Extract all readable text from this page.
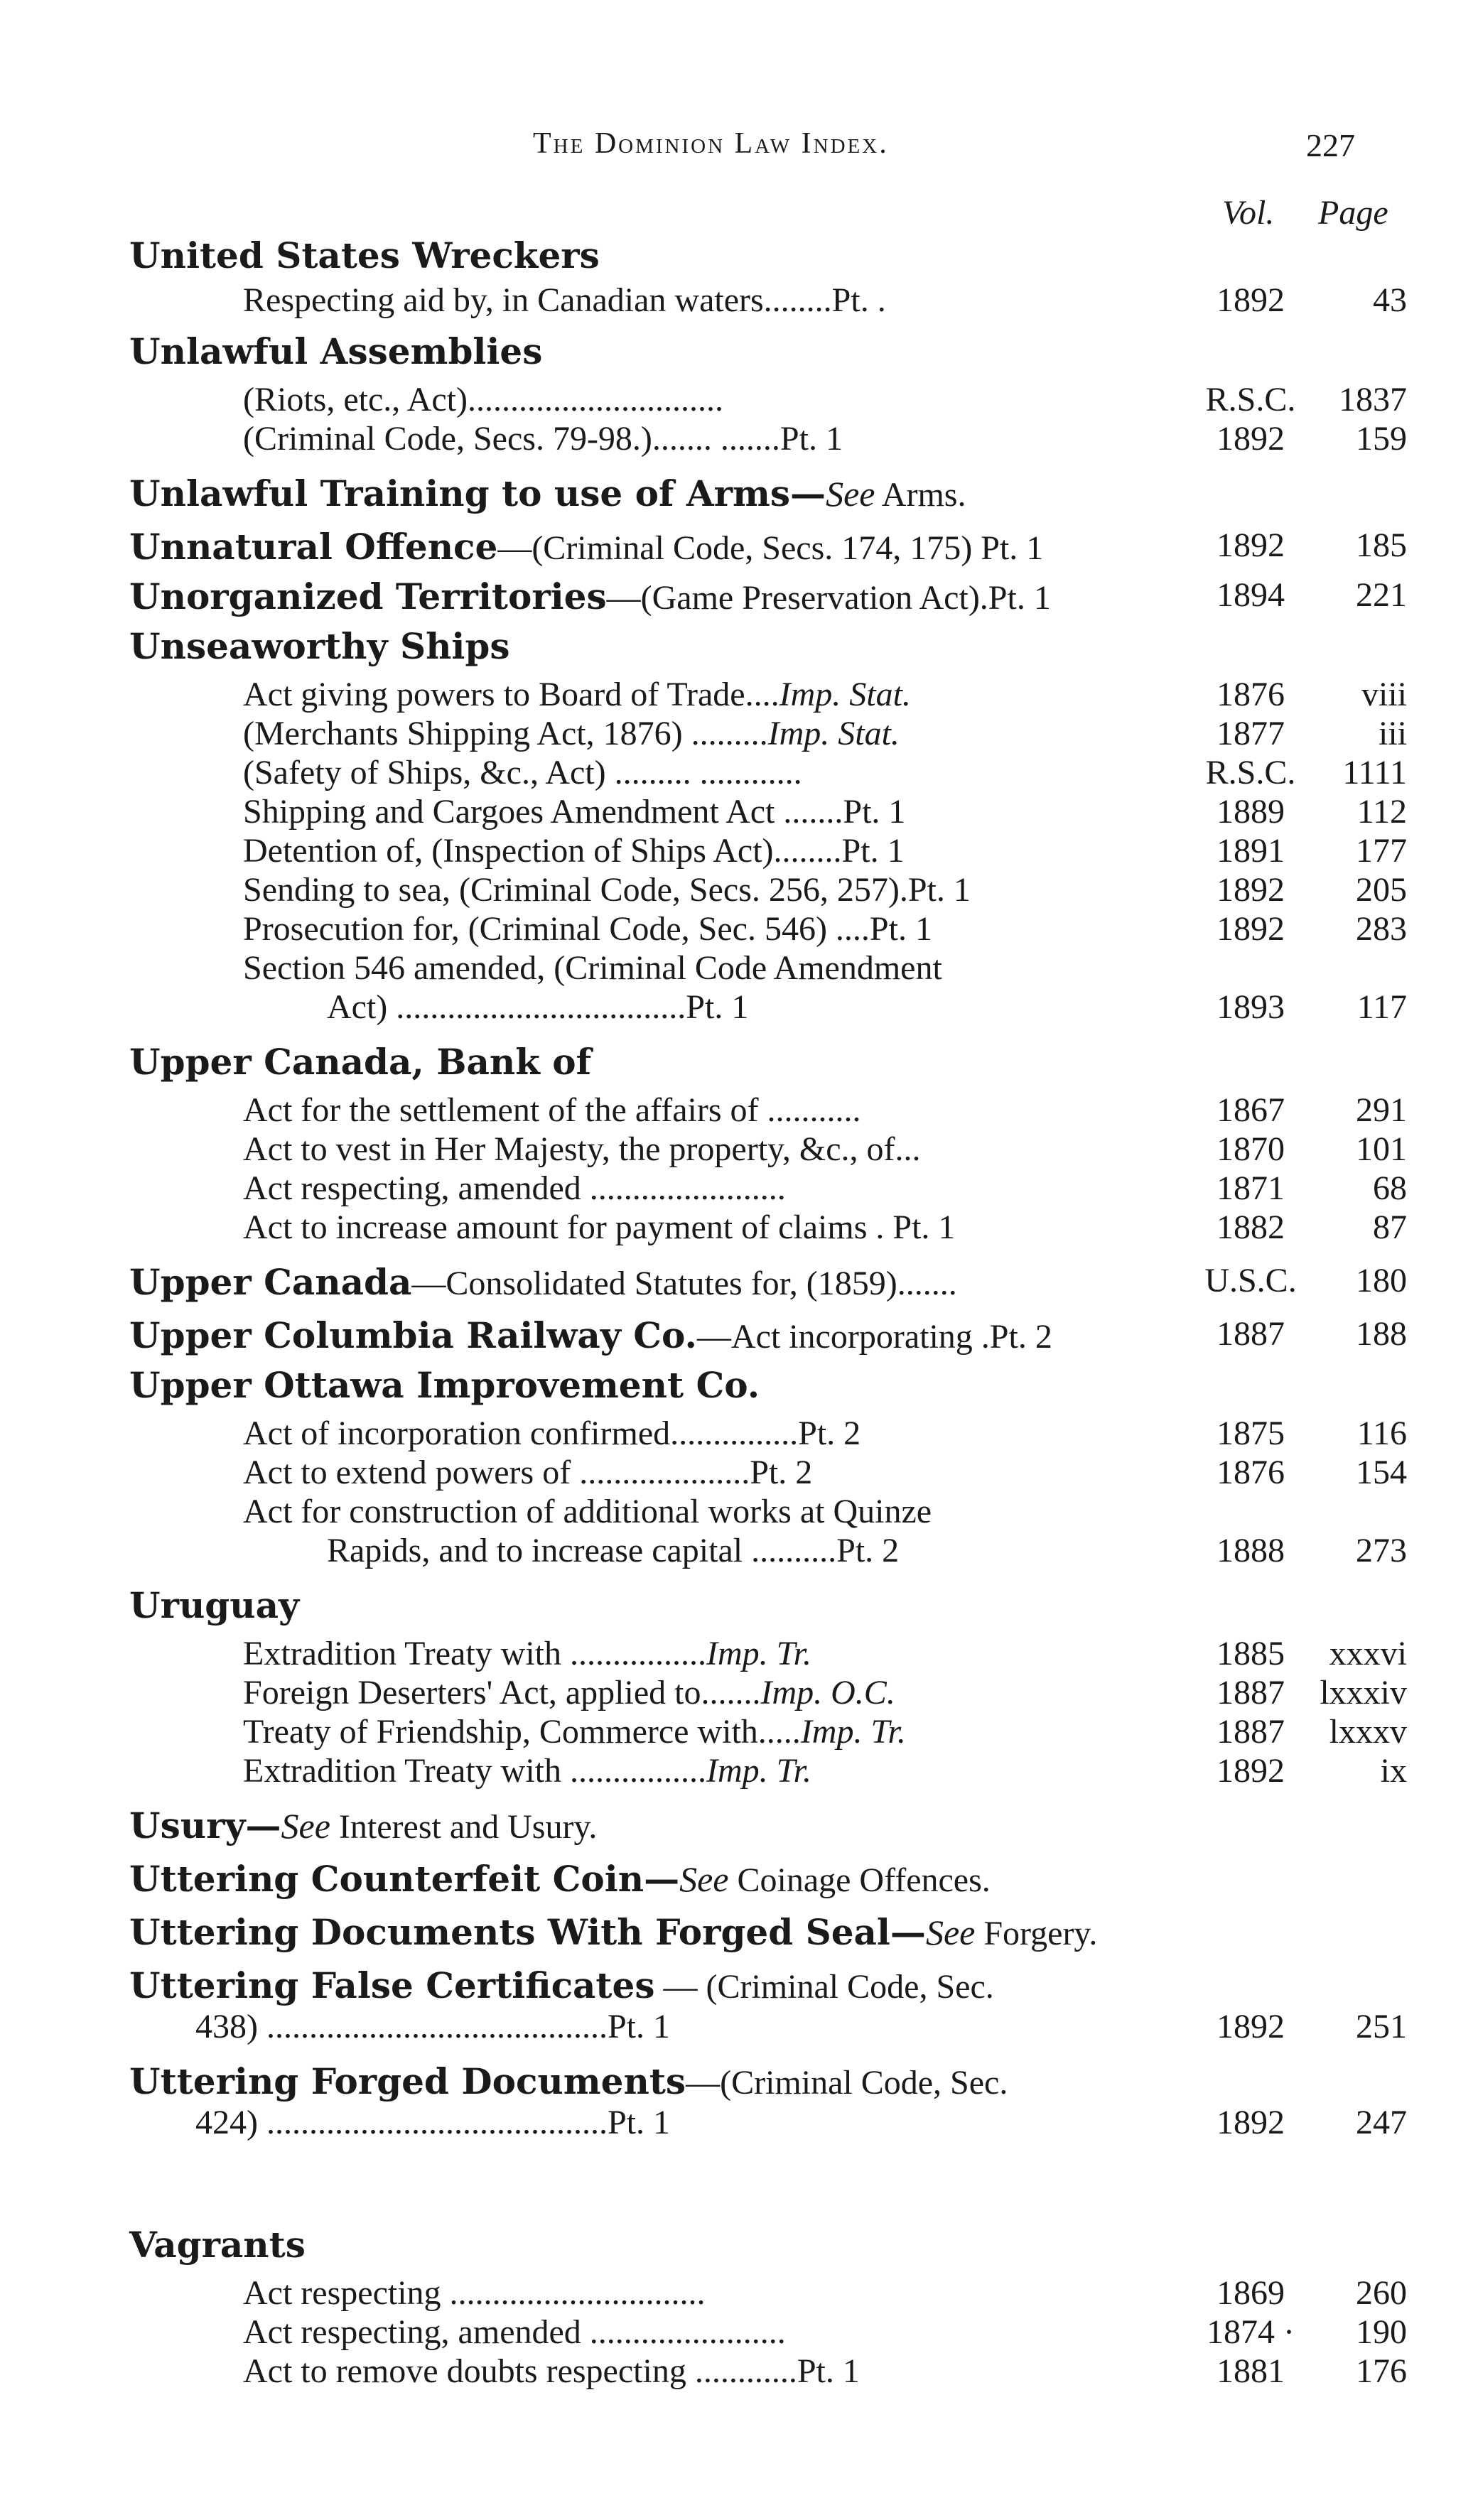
The Dominion Law Index.	227
Vol. Page
United States Wreckers
Respecting aid by, in Canadian waters........Pt. .	1892	43
Unlawful Assemblies
(Riots, etc., Act)..............................	R.S.C.	1837
(Criminal Code, Secs. 79-98.)....... .......Pt. 1	1892	159
Unlawful Training to use of Arms—See Arms.
Unnatural Offence—(Criminal Code, Secs. 174, 175) Pt. 1	1892	185
Unorganized Territories—(Game Preservation Act).Pt. 1	1894	221
Unseaworthy Ships
Act giving powers to Board of Trade....Imp. Stat.	1876	viii
(Merchants Shipping Act, 1876) .........Imp. Stat.	1877	iii
(Safety of Ships, &c., Act) ......... ............	R.S.C.	1111
Shipping and Cargoes Amendment Act .......Pt. 1	1889	112
Detention of, (Inspection of Ships Act)........Pt. 1	1891	177
Sending to sea, (Criminal Code, Secs. 256, 257).Pt. 1	1892	205
Prosecution for, (Criminal Code, Sec. 546) ....Pt. 1	1892	283
Section 546 amended, (Criminal Code Amendment
Act) ..................................Pt. 1	1893	117
Upper Canada, Bank of
Act for the settlement of the affairs of ...........	1867	291
Act to vest in Her Majesty, the property, &c., of...	1870	101
Act respecting, amended .......................	1871	68
Act to increase amount for payment of claims . Pt. 1	1882	87
Upper Canada—Consolidated Statutes for, (1859).......	U.S.C.	180
Upper Columbia Railway Co.—Act incorporating .Pt. 2	1887	188
Upper Ottawa Improvement Co.
Act of incorporation confirmed...............Pt. 2	1875	116
Act to extend powers of ....................Pt. 2	1876	154
Act for construction of additional works at Quinze
Rapids, and to increase capital ..........Pt. 2	1888	273
Uruguay
Extradition Treaty with ................Imp. Tr.	1885	xxxvi
Foreign Deserters' Act, applied to.......Imp. O.C.	1887	lxxxiv
Treaty of Friendship, Commerce with.....Imp. Tr.	1887	lxxxv
Extradition Treaty with ................Imp. Tr.	1892	ix
Usury—See Interest and Usury.
Uttering Counterfeit Coin—See Coinage Offences.
Uttering Documents With Forged Seal—See Forgery.
Uttering False Certificates — (Criminal Code, Sec.
438) ........................................Pt. 1	1892	251
Uttering Forged Documents—(Criminal Code, Sec.
424) ........................................Pt. 1	1892	247
Vagrants
Act respecting ..............................	1869	260
Act respecting, amended .......................	1874 ·	190
Act to remove doubts respecting ............Pt. 1	1881	176
